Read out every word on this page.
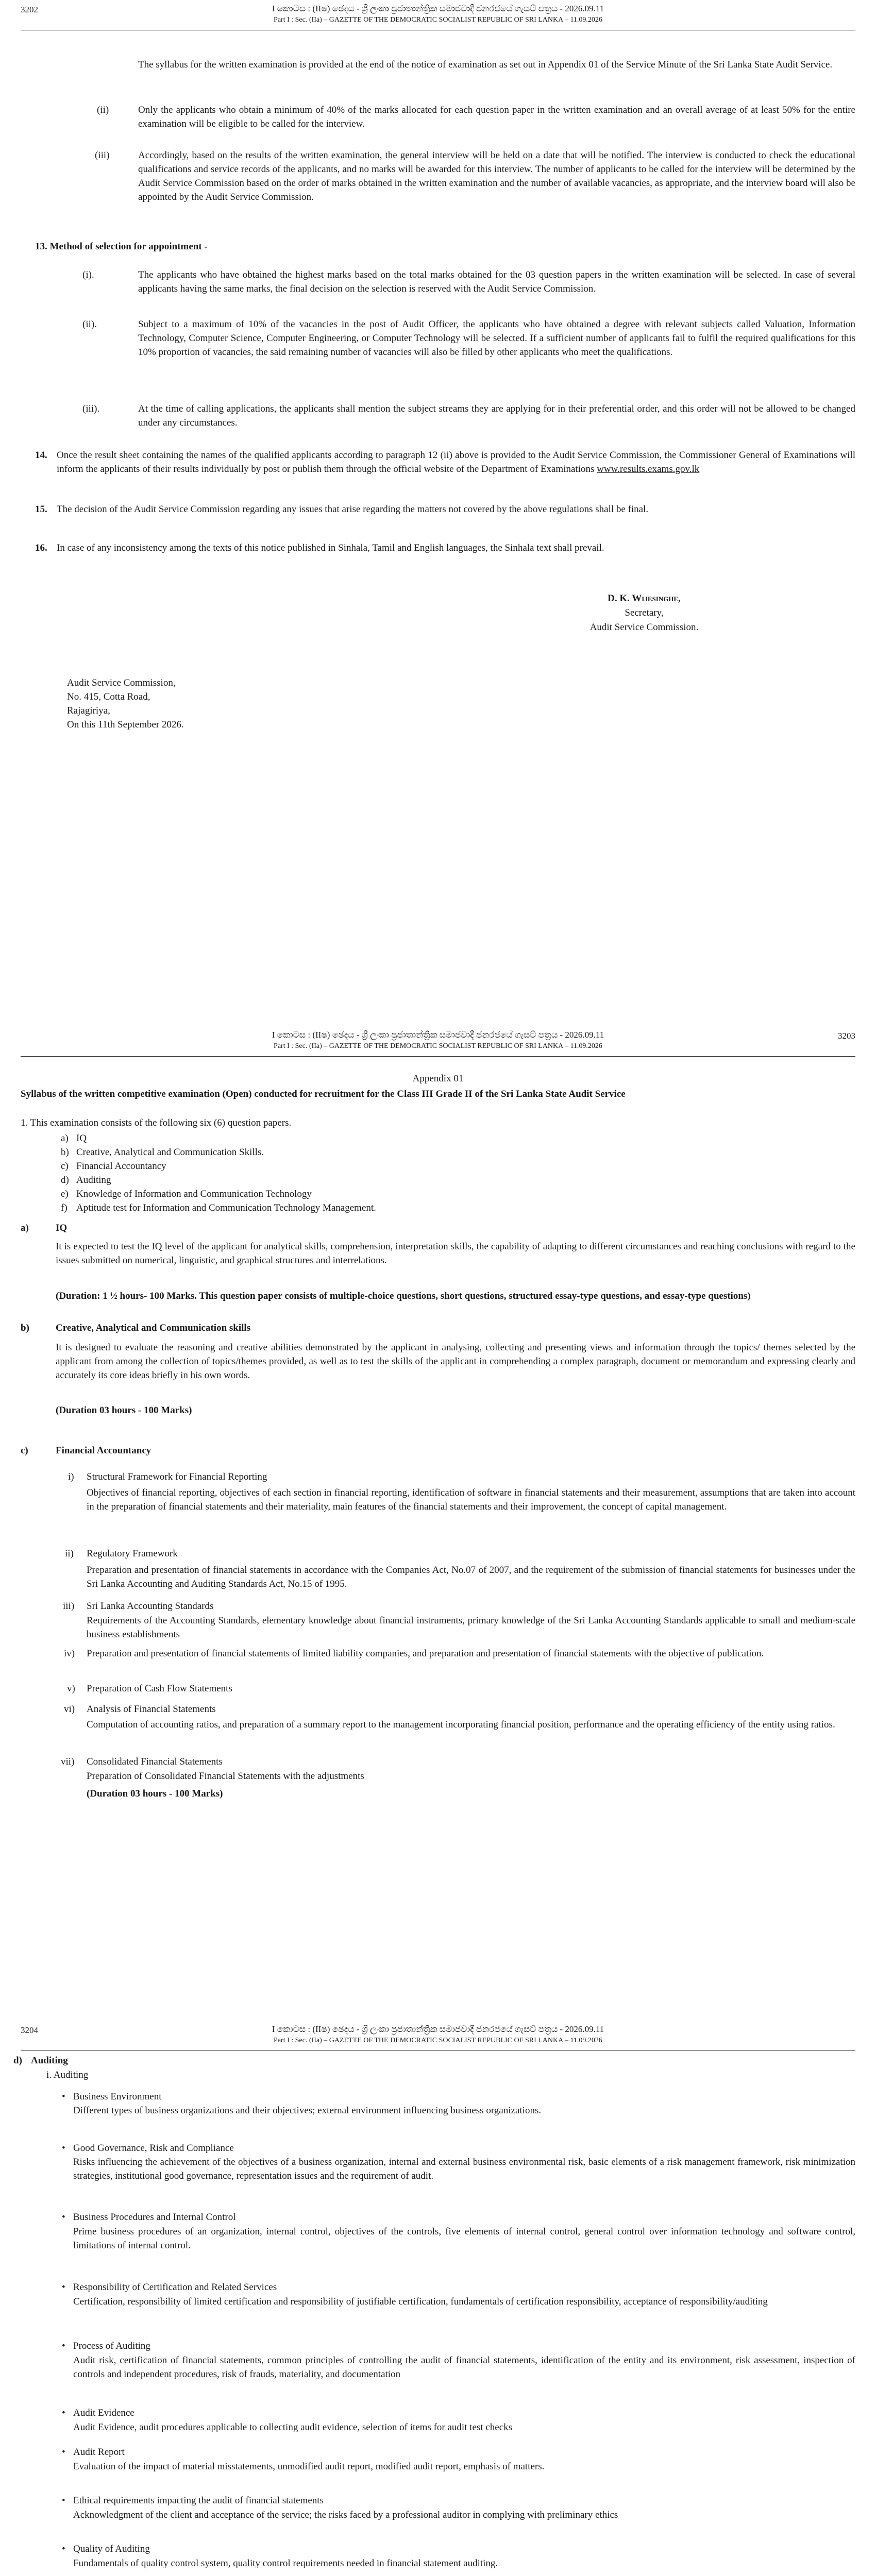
3202	I ‍කොටස : (IIෂ) ‍ඡෙදය - ශ්‍රී ලංකා ප්‍රජාතාන්ත්‍රික සමාජවාදී ජනරජයේ ගැසට් පත්‍රය - 2026.09.11
Part I : Sec. (IIa) – GAZETTE OF THE DEMOCRATIC SOCIALIST REPUBLIC OF SRI LANKA – 11.09.2026
The syllabus for the written examination is provided at the end of the notice of examination as set out in Appendix 01 of the Service Minute of the Sri Lanka State Audit Service.
(ii)	Only the applicants who obtain a minimum of 40% of the marks allocated for each question paper in the written examination and an overall average of at least 50% for the entire examination will be eligible to be called for the interview.
(iii)	Accordingly, based on the results of the written examination, the general interview will be held on a date that will be notified. The interview is conducted to check the educational qualifications and service records of the applicants, and no marks will be awarded for this interview. The number of applicants to be called for the interview will be determined by the Audit Service Commission based on the order of marks obtained in the written examination and the number of available vacancies, as appropriate, and the interview board will also be appointed by the Audit Service Commission.
13. Method of selection for appointment -
(i).	The applicants who have obtained the highest marks based on the total marks obtained for the 03 question papers in the written examination will be selected. In case of several applicants having the same marks, the final decision on the selection is reserved with the Audit Service Commission.
(ii).	Subject to a maximum of 10% of the vacancies in the post of Audit Officer, the applicants who have obtained a degree with relevant subjects called Valuation, Information Technology, Computer Science, Computer Engineering, or Computer Technology will be selected. If a sufficient number of applicants fail to fulfil the required qualifications for this 10% proportion of vacancies, the said remaining number of vacancies will also be filled by other applicants who meet the qualifications.
(iii).	At the time of calling applications, the applicants shall mention the subject streams they are applying for in their preferential order, and this order will not be allowed to be changed under any circumstances.
14. Once the result sheet containing the names of the qualified applicants according to paragraph 12 (ii) above is provided to the Audit Service Commission, the Commissioner General of Examinations will inform the applicants of their results individually by post or publish them through the official website of the Department of Examinations www.results.exams.gov.lk
15. The decision of the Audit Service Commission regarding any issues that arise regarding the matters not covered by the above regulations shall be final.
16. In case of any inconsistency among the texts of this notice published in Sinhala, Tamil and English languages, the Sinhala text shall prevail.
D. K. Wijesinghe,
Secretary,
Audit Service Commission.
Audit Service Commission,
No. 415, Cotta Road,
Rajagiriya,
On this 11th September 2026.
3203
I ‍කොටස : (IIෂ) ‍ඡෙදය - ශ්‍රී ලංකා ප්‍රජාතාන්ත්‍රික සමාජවාදී ජනරජයේ ගැසට් පත්‍රය - 2026.09.11
Part I : Sec. (IIa) – GAZETTE OF THE DEMOCRATIC SOCIALIST REPUBLIC OF SRI LANKA – 11.09.2026
Appendix 01
Syllabus of the written competitive examination (Open) conducted for recruitment for the Class III Grade II of the Sri Lanka State Audit Service
1. This examination consists of the following six (6) question papers.
a) IQ
b) Creative, Analytical and Communication Skills.
c) Financial Accountancy
d) Auditing
e) Knowledge of Information and Communication Technology
f) Aptitude test for Information and Communication Technology Management.
a)	IQ
It is expected to test the IQ level of the applicant for analytical skills, comprehension, interpretation skills, the capability of adapting to different circumstances and reaching conclusions with regard to the issues submitted on numerical, linguistic, and graphical structures and interrelations.
(Duration: 1 ½ hours- 100 Marks. This question paper consists of multiple-choice questions, short questions, structured essay-type questions, and essay-type questions)
b)	Creative, Analytical and Communication skills
It is designed to evaluate the reasoning and creative abilities demonstrated by the applicant in analysing, collecting and presenting views and information through the topics/ themes selected by the applicant from among the collection of topics/themes provided, as well as to test the skills of the applicant in comprehending a complex paragraph, document or memorandum and expressing clearly and accurately its core ideas briefly in his own words.
(Duration 03 hours - 100 Marks)
c)	Financial Accountancy
i) Structural Framework for Financial Reporting
Objectives of financial reporting, objectives of each section in financial reporting, identification of software in financial statements and their measurement, assumptions that are taken into account in the preparation of financial statements and their materiality, main features of the financial statements and their improvement, the concept of capital management.
ii) Regulatory Framework
Preparation and presentation of financial statements in accordance with the Companies Act, No.07 of 2007, and the requirement of the submission of financial statements for businesses under the Sri Lanka Accounting and Auditing Standards Act, No.15 of 1995.
iii) Sri Lanka Accounting Standards
Requirements of the Accounting Standards, elementary knowledge about financial instruments, primary knowledge of the Sri Lanka Accounting Standards applicable to small and medium-scale business establishments
iv) Preparation and presentation of financial statements of limited liability companies, and preparation and presentation of financial statements with the objective of publication.
v) Preparation of Cash Flow Statements
vi) Analysis of Financial Statements
Computation of accounting ratios, and preparation of a summary report to the management incorporating financial position, performance and the operating efficiency of the entity using ratios.
vii) Consolidated Financial Statements
Preparation of Consolidated Financial Statements with the adjustments
(Duration 03 hours - 100 Marks)
3204	I ‍කොටස : (IIෂ) ‍ඡෙදය - ශ්‍රී ලංකා ප්‍රජාතාන්ත්‍රික සමාජවාදී ජනරජයේ ගැසට් පත්‍රය - 2026.09.11
Part I : Sec. (IIa) – GAZETTE OF THE DEMOCRATIC SOCIALIST REPUBLIC OF SRI LANKA – 11.09.2026
d) Auditing
i. Auditing
• Business Environment
Different types of business organizations and their objectives; external environment influencing business organizations.
• Good Governance, Risk and Compliance
Risks influencing the achievement of the objectives of a business organization, internal and external business environmental risk, basic elements of a risk management framework, risk minimization strategies, institutional good governance, representation issues and the requirement of audit.
• Business Procedures and Internal Control
Prime business procedures of an organization, internal control, objectives of the controls, five elements of internal control, general control over information technology and software control, limitations of internal control.
• Responsibility of Certification and Related Services
Certification, responsibility of limited certification and responsibility of justifiable certification, fundamentals of certification responsibility, acceptance of responsibility/auditing
• Process of Auditing
Audit risk, certification of financial statements, common principles of controlling the audit of financial statements, identification of the entity and its environment, risk assessment, inspection of controls and independent procedures, risk of frauds, materiality, and documentation
• Audit Evidence
Audit Evidence, audit procedures applicable to collecting audit evidence, selection of items for audit test checks
• Audit Report
Evaluation of the impact of material misstatements, unmodified audit report, modified audit report, emphasis of matters.
• Ethical requirements impacting the audit of financial statements
Acknowledgment of the client and acceptance of the service; the risks faced by a professional auditor in complying with preliminary ethics
• Quality of Auditing
Fundamentals of quality control system, quality control requirements needed in financial statement auditing.
